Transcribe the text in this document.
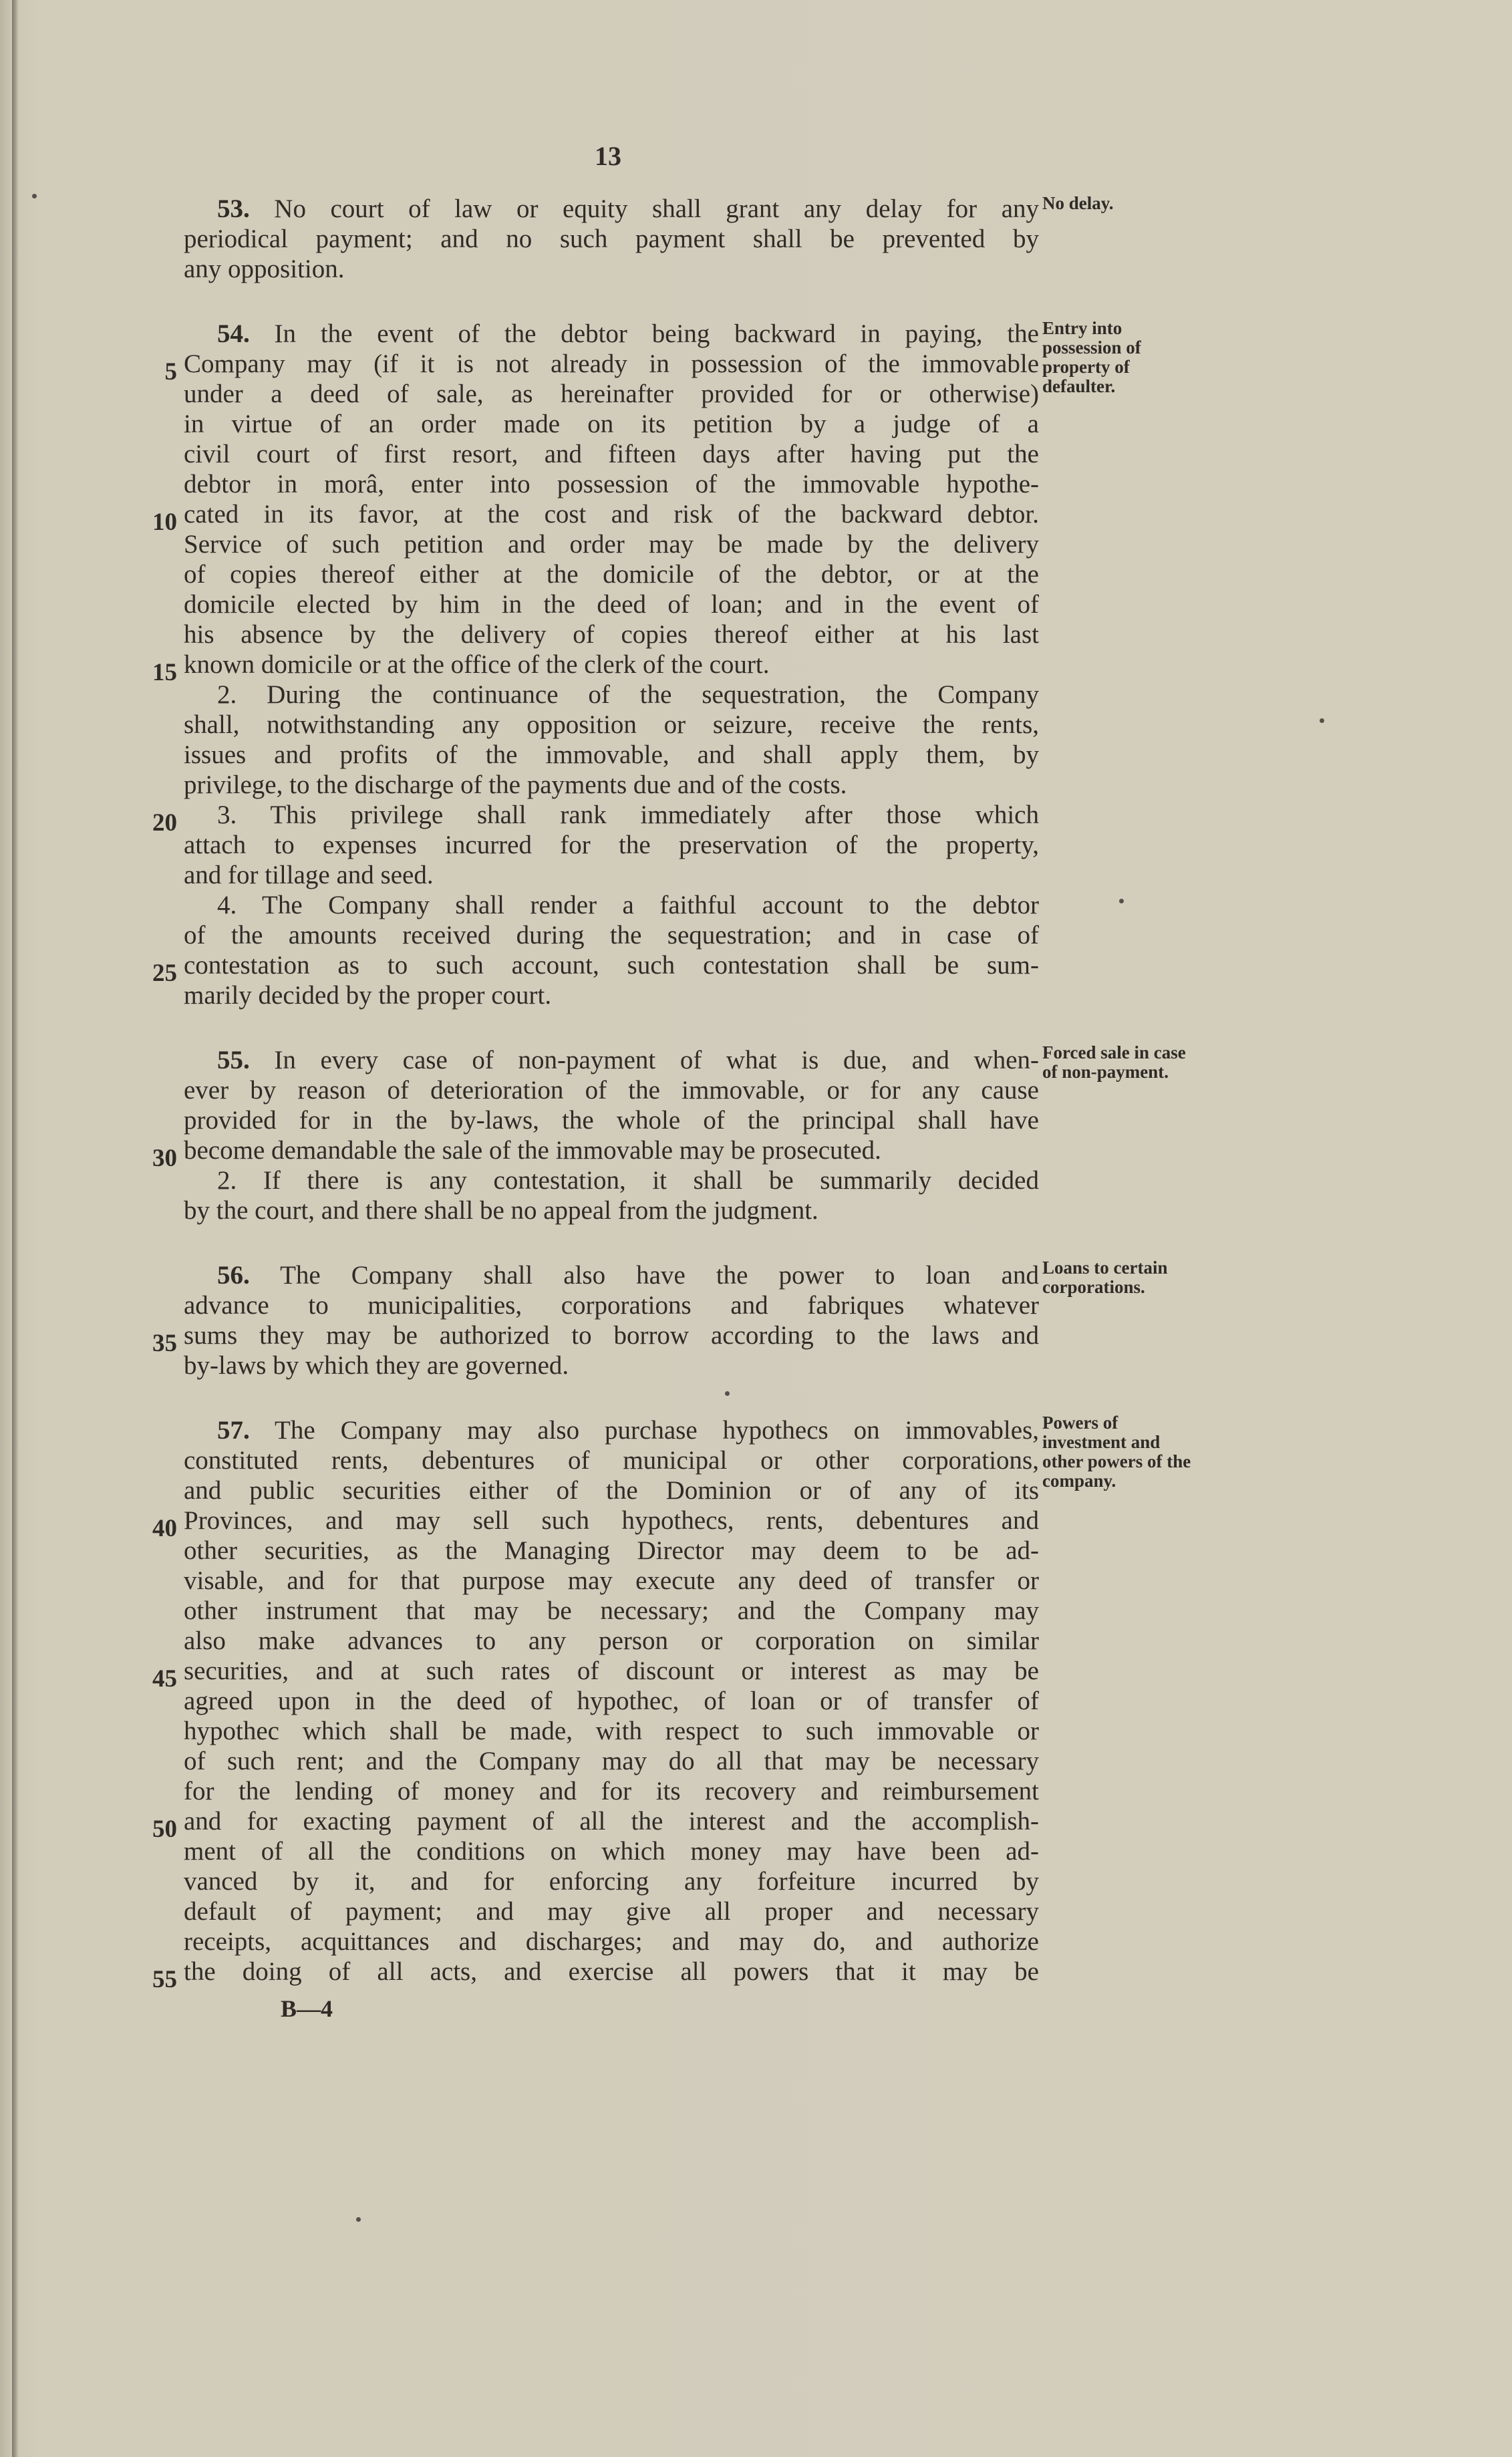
13
53. No court of law or equity shall grant any delay for any
periodical payment; and no such payment shall be prevented by
any opposition.
54. In the event of the debtor being backward in paying, the
Company may (if it is not already in possession of the immovable
under a deed of sale, as hereinafter provided for or otherwise)
in virtue of an order made on its petition by a judge of a
civil court of first resort, and fifteen days after having put the
debtor in morâ, enter into possession of the immovable hypothe-
cated in its favor, at the cost and risk of the backward debtor.
Service of such petition and order may be made by the delivery
of copies thereof either at the domicile of the debtor, or at the
domicile elected by him in the deed of loan; and in the event of
his absence by the delivery of copies thereof either at his last
known domicile or at the office of the clerk of the court.
2. During the continuance of the sequestration, the Company
shall, notwithstanding any opposition or seizure, receive the rents,
issues and profits of the immovable, and shall apply them, by
privilege, to the discharge of the payments due and of the costs.
3. This privilege shall rank immediately after those which
attach to expenses incurred for the preservation of the property,
and for tillage and seed.
4. The Company shall render a faithful account to the debtor
of the amounts received during the sequestration; and in case of
contestation as to such account, such contestation shall be sum-
marily decided by the proper court.
55. In every case of non-payment of what is due, and when-
ever by reason of deterioration of the immovable, or for any cause
provided for in the by-laws, the whole of the principal shall have
become demandable the sale of the immovable may be prosecuted.
2. If there is any contestation, it shall be summarily decided
by the court, and there shall be no appeal from the judgment.
56. The Company shall also have the power to loan and
advance to municipalities, corporations and fabriques whatever
sums they may be authorized to borrow according to the laws and
by-laws by which they are governed.
57. The Company may also purchase hypothecs on immovables,
constituted rents, debentures of municipal or other corporations,
and public securities either of the Dominion or of any of its
Provinces, and may sell such hypothecs, rents, debentures and
other securities, as the Managing Director may deem to be ad-
visable, and for that purpose may execute any deed of transfer or
other instrument that may be necessary; and the Company may
also make advances to any person or corporation on similar
securities, and at such rates of discount or interest as may be
agreed upon in the deed of hypothec, of loan or of transfer of
hypothec which shall be made, with respect to such immovable or
of such rent; and the Company may do all that may be necessary
for the lending of money and for its recovery and reimbursement
and for exacting payment of all the interest and the accomplish-
ment of all the conditions on which money may have been ad-
vanced by it, and for enforcing any forfeiture incurred by
default of payment; and may give all proper and necessary
receipts, acquittances and discharges; and may do, and authorize
the doing of all acts, and exercise all powers that it may be
5
10
15
20
25
30
35
40
45
50
55
No delay.
Entry into possession of property of defaulter.
Forced sale in case of non-payment.
Loans to certain corporations.
Powers of investment and other powers of the company.
B—4
